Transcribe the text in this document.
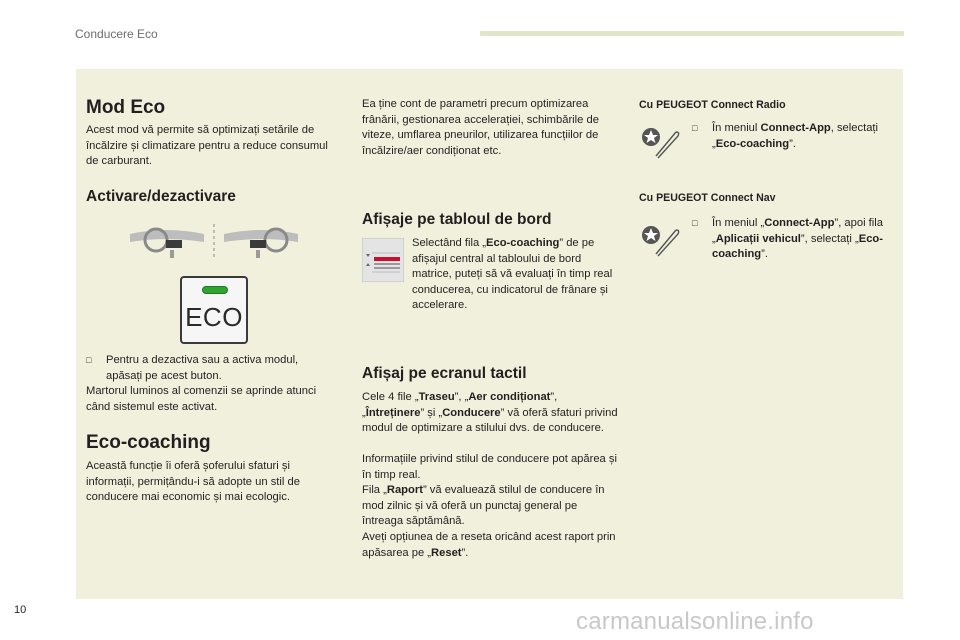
Conducere Eco
Mod Eco

Acest mod vă permite să optimizați setările de încălzire și climatizare pentru a reduce consumul de carburant.

Activare/dezactivare
ECO
□	Pentru a dezactiva sau a activa modul, apăsați pe acest buton.

Martorul luminos al comenzii se aprinde atunci când sistemul este activat.

Eco-coaching

Această funcție îi oferă șoferului sfaturi și informații, permițându-i să adopte un stil de conducere mai economic și mai ecologic.

Ea ține cont de parametri precum optimizarea frânării, gestionarea accelerației, schimbările de viteze, umflarea pneurilor, utilizarea funcțiilor de încălzire/aer condiționat etc.

Afișaje pe tabloul de bord

Selectând fila „Eco-coaching” de pe afișajul central al tabloului de bord matrice, puteți să vă evaluați în timp real conducerea, cu indicatorul de frânare și accelerare.

Afișaj pe ecranul tactil

Cele 4 file „Traseu”, „Aer condiționat”, „Întreținere” și „Conducere” vă oferă sfaturi privind modul de optimizare a stilului dvs. de conducere.

Informațiile privind stilul de conducere pot apărea și în timp real.

Fila „Raport” vă evaluează stilul de conducere în mod zilnic și vă oferă un punctaj general pe întreaga săptămână.

Aveți opțiunea de a reseta oricând acest raport prin apăsarea pe „Reset”.

Cu PEUGEOT Connect Radio

□	În meniul Connect-App, selectați „Eco-coaching”.

Cu PEUGEOT Connect Nav

□	În meniul „Connect-App”, apoi fila „Aplicații vehicul”, selectați „Eco-coaching”.
10	carmanualsonline.info
